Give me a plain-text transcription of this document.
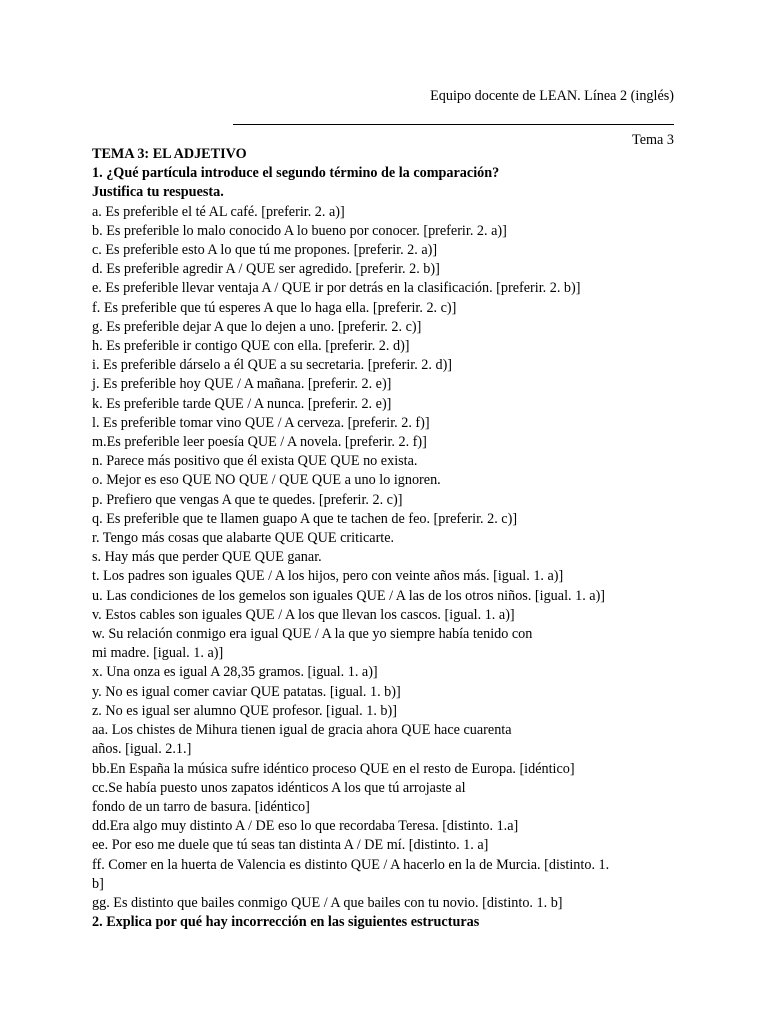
Equipo docente de LEAN. Línea 2 (inglés)
Tema 3
TEMA 3: EL ADJETIVO
1. ¿Qué partícula introduce el segundo término de la comparación?
Justifica tu respuesta.
a. Es preferible el té AL café. [preferir. 2. a)]
b. Es preferible lo malo conocido A lo bueno por conocer. [preferir. 2. a)]
c. Es preferible esto A lo que tú me propones. [preferir. 2. a)]
d. Es preferible agredir A / QUE ser agredido. [preferir. 2. b)]
e. Es preferible llevar ventaja A / QUE ir por detrás en la clasificación. [preferir. 2. b)]
f. Es preferible que tú esperes A que lo haga ella. [preferir. 2. c)]
g. Es preferible dejar A que lo dejen a uno. [preferir. 2. c)]
h. Es preferible ir contigo QUE con ella. [preferir. 2. d)]
i. Es preferible dárselo a él QUE a su secretaria. [preferir. 2. d)]
j. Es preferible hoy QUE / A mañana. [preferir. 2. e)]
k. Es preferible tarde QUE / A nunca. [preferir. 2. e)]
l. Es preferible tomar vino QUE / A cerveza. [preferir. 2. f)]
m.Es preferible leer poesía QUE / A novela. [preferir. 2. f)]
n. Parece más positivo que él exista QUE QUE no exista.
o. Mejor es eso QUE NO QUE / QUE QUE a uno lo ignoren.
p. Prefiero que vengas A que te quedes. [preferir. 2. c)]
q. Es preferible que te llamen guapo A que te tachen de feo. [preferir. 2. c)]
r. Tengo más cosas que alabarte QUE QUE criticarte.
s. Hay más que perder QUE QUE ganar.
t. Los padres son iguales QUE / A los hijos, pero con veinte años más. [igual. 1. a)]
u. Las condiciones de los gemelos son iguales QUE / A las de los otros niños. [igual. 1. a)]
v. Estos cables son iguales QUE / A los que llevan los cascos. [igual. 1. a)]
w. Su relación conmigo era igual QUE / A la que yo siempre había tenido con
mi madre. [igual. 1. a)]
x. Una onza es igual A 28,35 gramos. [igual. 1. a)]
y. No es igual comer caviar QUE patatas. [igual. 1. b)]
z. No es igual ser alumno QUE profesor. [igual. 1. b)]
aa. Los chistes de Mihura tienen igual de gracia ahora QUE hace cuarenta
años. [igual. 2.1.]
bb.En España la música sufre idéntico proceso QUE en el resto de Europa. [idéntico]
cc.Se había puesto unos zapatos idénticos A los que tú arrojaste al
fondo de un tarro de basura. [idéntico]
dd.Era algo muy distinto A / DE eso lo que recordaba Teresa. [distinto. 1.a]
ee. Por eso me duele que tú seas tan distinta A / DE mí. [distinto. 1. a]
ff. Comer en la huerta de Valencia es distinto QUE / A hacerlo en la de Murcia. [distinto. 1.
b]
gg. Es distinto que bailes conmigo QUE / A que bailes con tu novio. [distinto. 1. b]
2. Explica por qué hay incorrección en las siguientes estructuras
